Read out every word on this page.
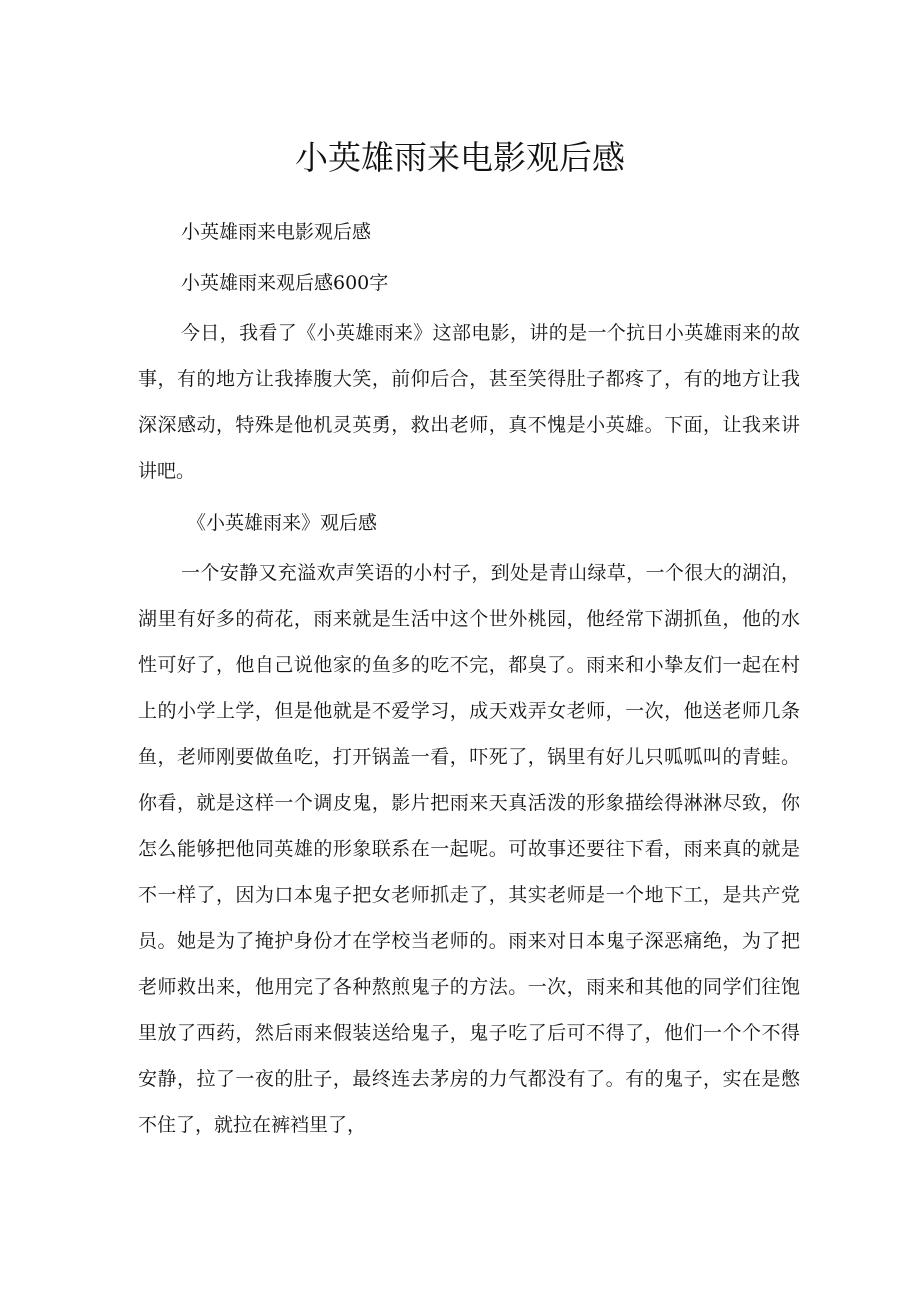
小英雄雨来电影观后感
小英雄雨来电影观后感
小英雄雨来观后感600字

今日，我看了《小英雄雨来》这部电影，讲的是一个抗日小英雄雨来的故事，有的地方让我捧腹大笑，前仰后合，甚至笑得肚子都疼了，有的地方让我深深感动，特殊是他机灵英勇，救出老师，真不愧是小英雄。下面，让我来讲讲吧。

《小英雄雨来》观后感

一个安静又充溢欢声笑语的小村子，到处是青山绿草，一个很大的湖泊，湖里有好多的荷花，雨来就是生活中这个世外桃园，他经常下湖抓鱼，他的水性可好了，他自己说他家的鱼多的吃不完，都臭了。雨来和小挚友们一起在村上的小学上学，但是他就是不爱学习，成天戏弄女老师，一次，他送老师几条鱼，老师刚要做鱼吃，打开锅盖一看，吓死了，锅里有好儿只呱呱叫的青蛙。你看，就是这样一个调皮鬼，影片把雨来天真活泼的形象描绘得淋淋尽致，你怎么能够把他同英雄的形象联系在一起呢。可故事还要往下看，雨来真的就是不一样了，因为口本鬼子把女老师抓走了，其实老师是一个地下工，是共产党员。她是为了掩护身份才在学校当老师的。雨来对日本鬼子深恶痛绝，为了把老师救出来，他用完了各种熬煎鬼子的方法。一次，雨来和其他的同学们往饱里放了西药，然后雨来假装送给鬼子，鬼子吃了后可不得了，他们一个个不得安静，拉了一夜的肚子，最终连去茅房的力气都没有了。有的鬼子，实在是憋不住了，就拉在裤裆里了，
